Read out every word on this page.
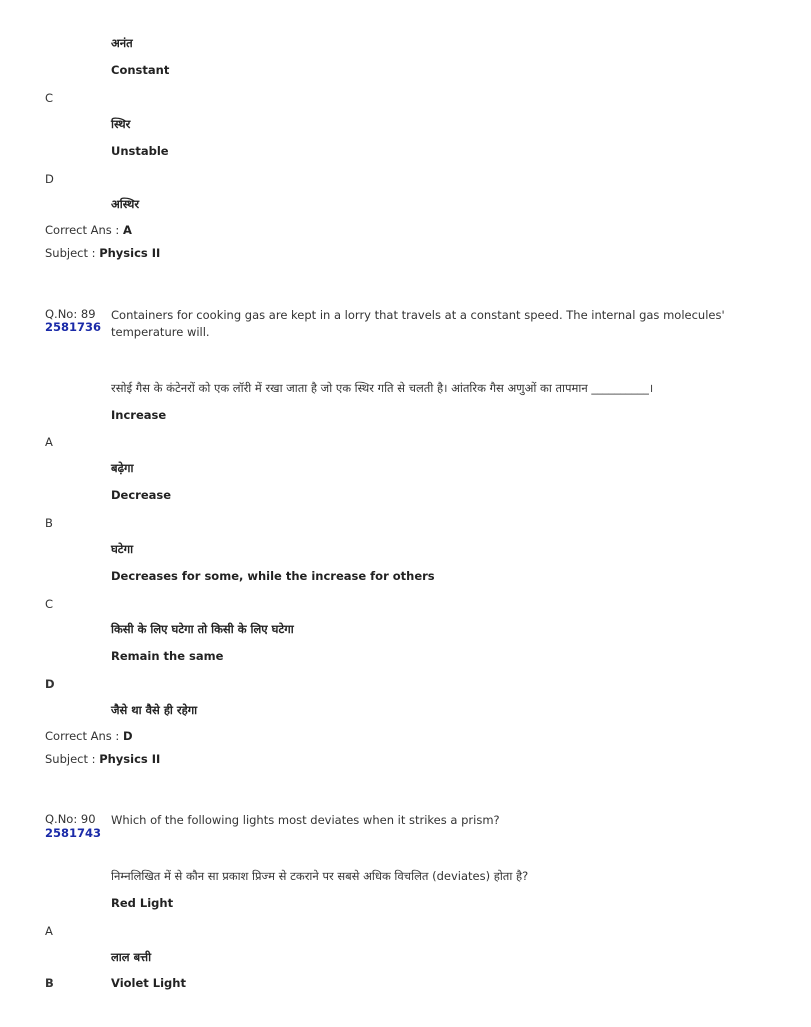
अनंत
Constant
C
स्थिर
Unstable
D
अस्थिर
Correct Ans : A
Subject : Physics II
Q.No: 89
2581736
Containers for cooking gas are kept in a lorry that travels at a constant speed. The internal gas molecules' temperature will.
रसोई गैस के कंटेनरों को एक लॉरी में रखा जाता है जो एक स्थिर गति से चलती है। आंतरिक गैस अणुओं का तापमान __________।
Increase
A
बढ़ेगा
Decrease
B
घटेगा
Decreases for some, while the increase for others
C
किसी के लिए घटेगा तो किसी के लिए घटेगा
Remain the same
D
जैसे था वैसे ही रहेगा
Correct Ans : D
Subject : Physics II
Q.No: 90
2581743
Which of the following lights most deviates when it strikes a prism?
निम्नलिखित में से कौन सा प्रकाश प्रिज्म से टकराने पर सबसे अधिक विचलित (deviates) होता है?
Red Light
A
लाल बत्ती
B	Violet Light
